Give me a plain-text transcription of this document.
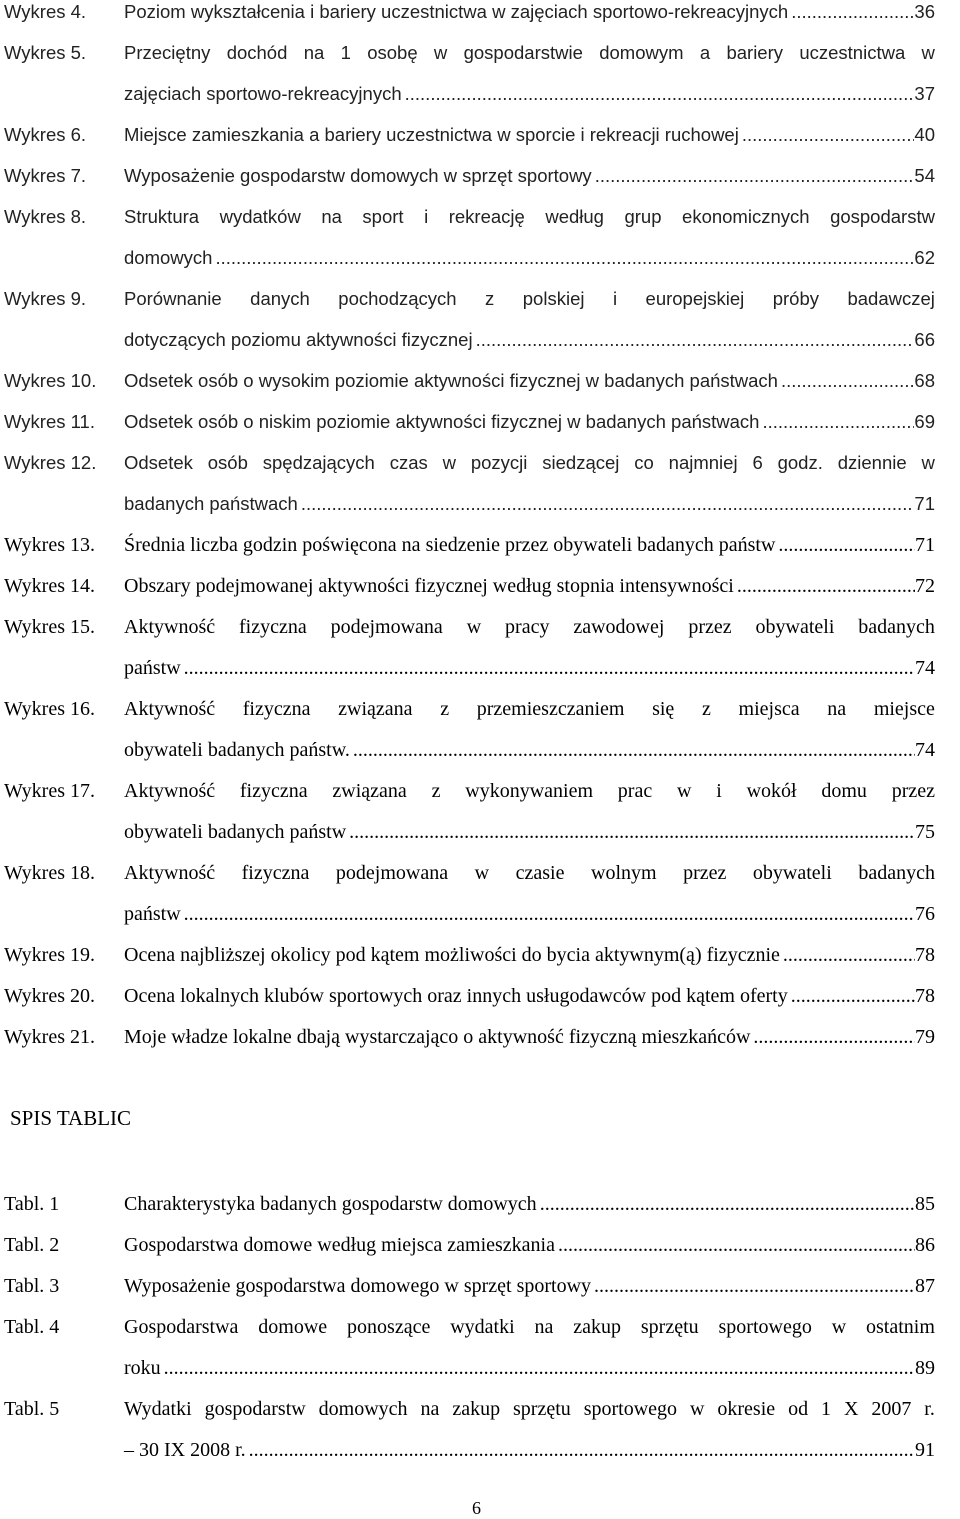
Wykres 4. Poziom wykształcenia i bariery uczestnictwa w zajęciach sportowo-rekreacyjnych .....	36
Wykres 5. Przeciętny dochód na 1 osobę w gospodarstwie domowym a bariery uczestnictwa w
zajęciach sportowo-rekreacyjnych .....	37
Wykres 6. Miejsce zamieszkania a bariery uczestnictwa w sporcie i rekreacji ruchowej .....	40
Wykres 7. Wyposażenie gospodarstw domowych w sprzęt sportowy .....	54
Wykres 8. Struktura wydatków na sport i rekreację według grup ekonomicznych gospodarstw
domowych .....	62
Wykres 9. Porównanie danych pochodzących z polskiej i europejskiej próby badawczej
dotyczących poziomu aktywności fizycznej .....	66
Wykres 10. Odsetek osób o wysokim poziomie aktywności fizycznej w badanych państwach .....	68
Wykres 11. Odsetek osób o niskim poziomie aktywności fizycznej w badanych państwach .....	69
Wykres 12. Odsetek osób spędzających czas w pozycji siedzącej co najmniej 6 godz. dziennie w
badanych państwach .....	71
Wykres 13. Średnia liczba godzin poświęcona na siedzenie przez obywateli badanych państw .....	71
Wykres 14. Obszary podejmowanej aktywności fizycznej według stopnia intensywności .....	72
Wykres 15. Aktywność fizyczna podejmowana w pracy zawodowej przez obywateli badanych
państw .....	74
Wykres 16. Aktywność fizyczna związana z przemieszczaniem się z miejsca na miejsce
obywateli badanych państw. .....	74
Wykres 17. Aktywność fizyczna związana z wykonywaniem prac w i wokół domu przez
obywateli badanych państw .....	75
Wykres 18. Aktywność fizyczna podejmowana w czasie wolnym przez obywateli badanych
państw .....	76
Wykres 19. Ocena najbliższej okolicy pod kątem możliwości do bycia aktywnym(ą) fizycznie .....	78
Wykres 20. Ocena lokalnych klubów sportowych oraz innych usługodawców pod kątem oferty .....	78
Wykres 21. Moje władze lokalne dbają wystarczająco o aktywność fizyczną mieszkańców .....	79
Tabl. 1	Charakterystyka badanych gospodarstw domowych .....	85
Tabl. 2	Gospodarstwa domowe według miejsca zamieszkania .....	86
Tabl. 3	Wyposażenie gospodarstwa domowego w sprzęt sportowy .....	87
Tabl. 4	Gospodarstwa domowe ponoszące wydatki na zakup sprzętu sportowego w ostatnim
roku .....	89
Tabl. 5	Wydatki gospodarstw domowych na zakup sprzętu sportowego w okresie od 1 X 2007 r.
– 30 IX 2008 r. .....	91
SPIS TABLIC
6
